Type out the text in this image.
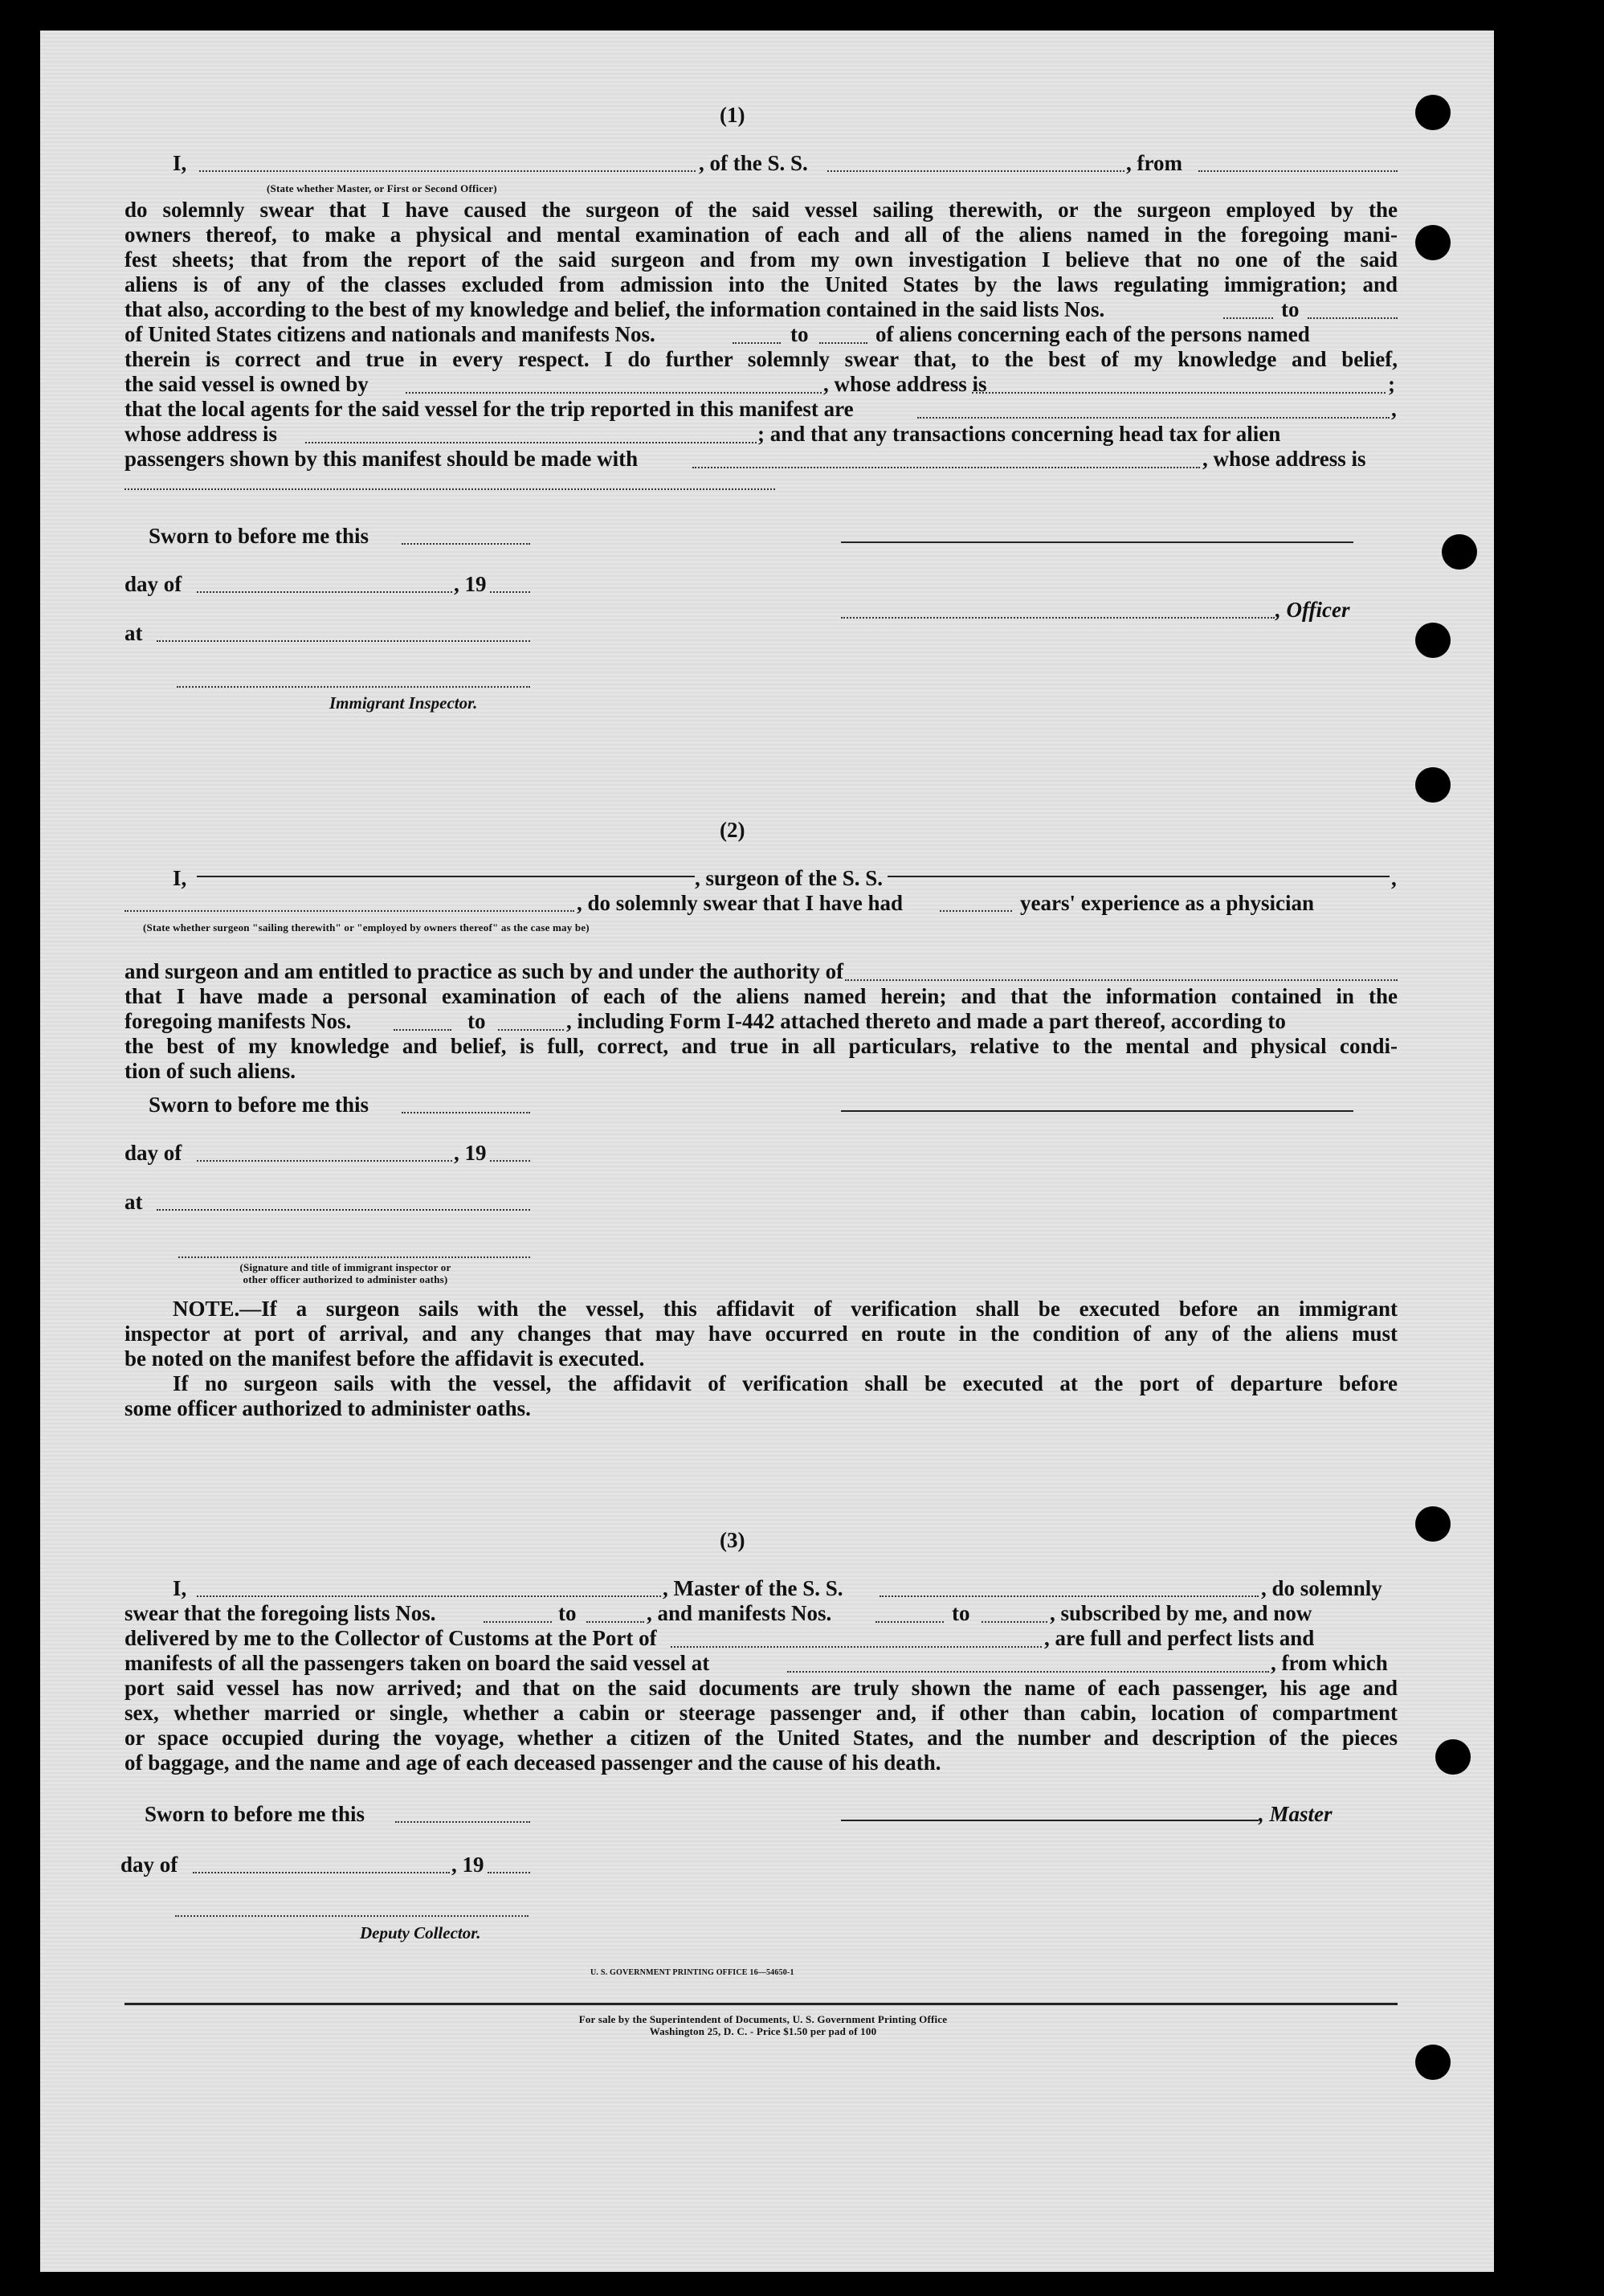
(1)
I,	, of the S. S.	, from
(State whether Master, or First or Second Officer)
do solemnly swear that I have caused the surgeon of the said vessel sailing therewith, or the surgeon employed by the
owners thereof, to make a physical and mental examination of each and all of the aliens named in the foregoing mani-
fest sheets; that from the report of the said surgeon and from my own investigation I believe that no one of the said
aliens is of any of the classes excluded from admission into the United States by the laws regulating immigration; and
that also, according to the best of my knowledge and belief, the information contained in the said lists Nos.	to
of United States citizens and nationals and manifests Nos.	to	of aliens concerning each of the persons named
therein is correct and true in every respect. I do further solemnly swear that, to the best of my knowledge and belief,
the said vessel is owned by	, whose address is	;
that the local agents for the said vessel for the trip reported in this manifest are	,
whose address is	; and that any transactions concerning head tax for alien
passengers shown by this manifest should be made with	, whose address is
Sworn to before me this
day of	, 19
, Officer
at
Immigrant Inspector.
(2)
I,	, surgeon of the S. S.	,
, do solemnly swear that I have had	years' experience as a physician
(State whether surgeon "sailing therewith" or "employed by owners thereof" as the case may be)
and surgeon and am entitled to practice as such by and under the authority of
that I have made a personal examination of each of the aliens named herein; and that the information contained in the
foregoing manifests Nos.	to	, including Form I-442 attached thereto and made a part thereof, according to
the best of my knowledge and belief, is full, correct, and true in all particulars, relative to the mental and physical condi-
tion of such aliens.
Sworn to before me this
day of	, 19
at
(Signature and title of immigrant inspector or
other officer authorized to administer oaths)
NOTE.—If a surgeon sails with the vessel, this affidavit of verification shall be executed before an immigrant
inspector at port of arrival, and any changes that may have occurred en route in the condition of any of the aliens must
be noted on the manifest before the affidavit is executed.
If no surgeon sails with the vessel, the affidavit of verification shall be executed at the port of departure before
some officer authorized to administer oaths.
(3)
I,	, Master of the S. S.	, do solemnly
swear that the foregoing lists Nos.	to	, and manifests Nos.	to	, subscribed by me, and now
delivered by me to the Collector of Customs at the Port of	, are full and perfect lists and
manifests of all the passengers taken on board the said vessel at	, from which
port said vessel has now arrived; and that on the said documents are truly shown the name of each passenger, his age and
sex, whether married or single, whether a cabin or steerage passenger and, if other than cabin, location of compartment
or space occupied during the voyage, whether a citizen of the United States, and the number and description of the pieces
of baggage, and the name and age of each deceased passenger and the cause of his death.
Sworn to before me this	, Master
day of	, 19
Deputy Collector.
U. S. GOVERNMENT PRINTING OFFICE 16—54650-1
For sale by the Superintendent of Documents, U. S. Government Printing Office
Washington 25, D. C. - Price $1.50 per pad of 100
